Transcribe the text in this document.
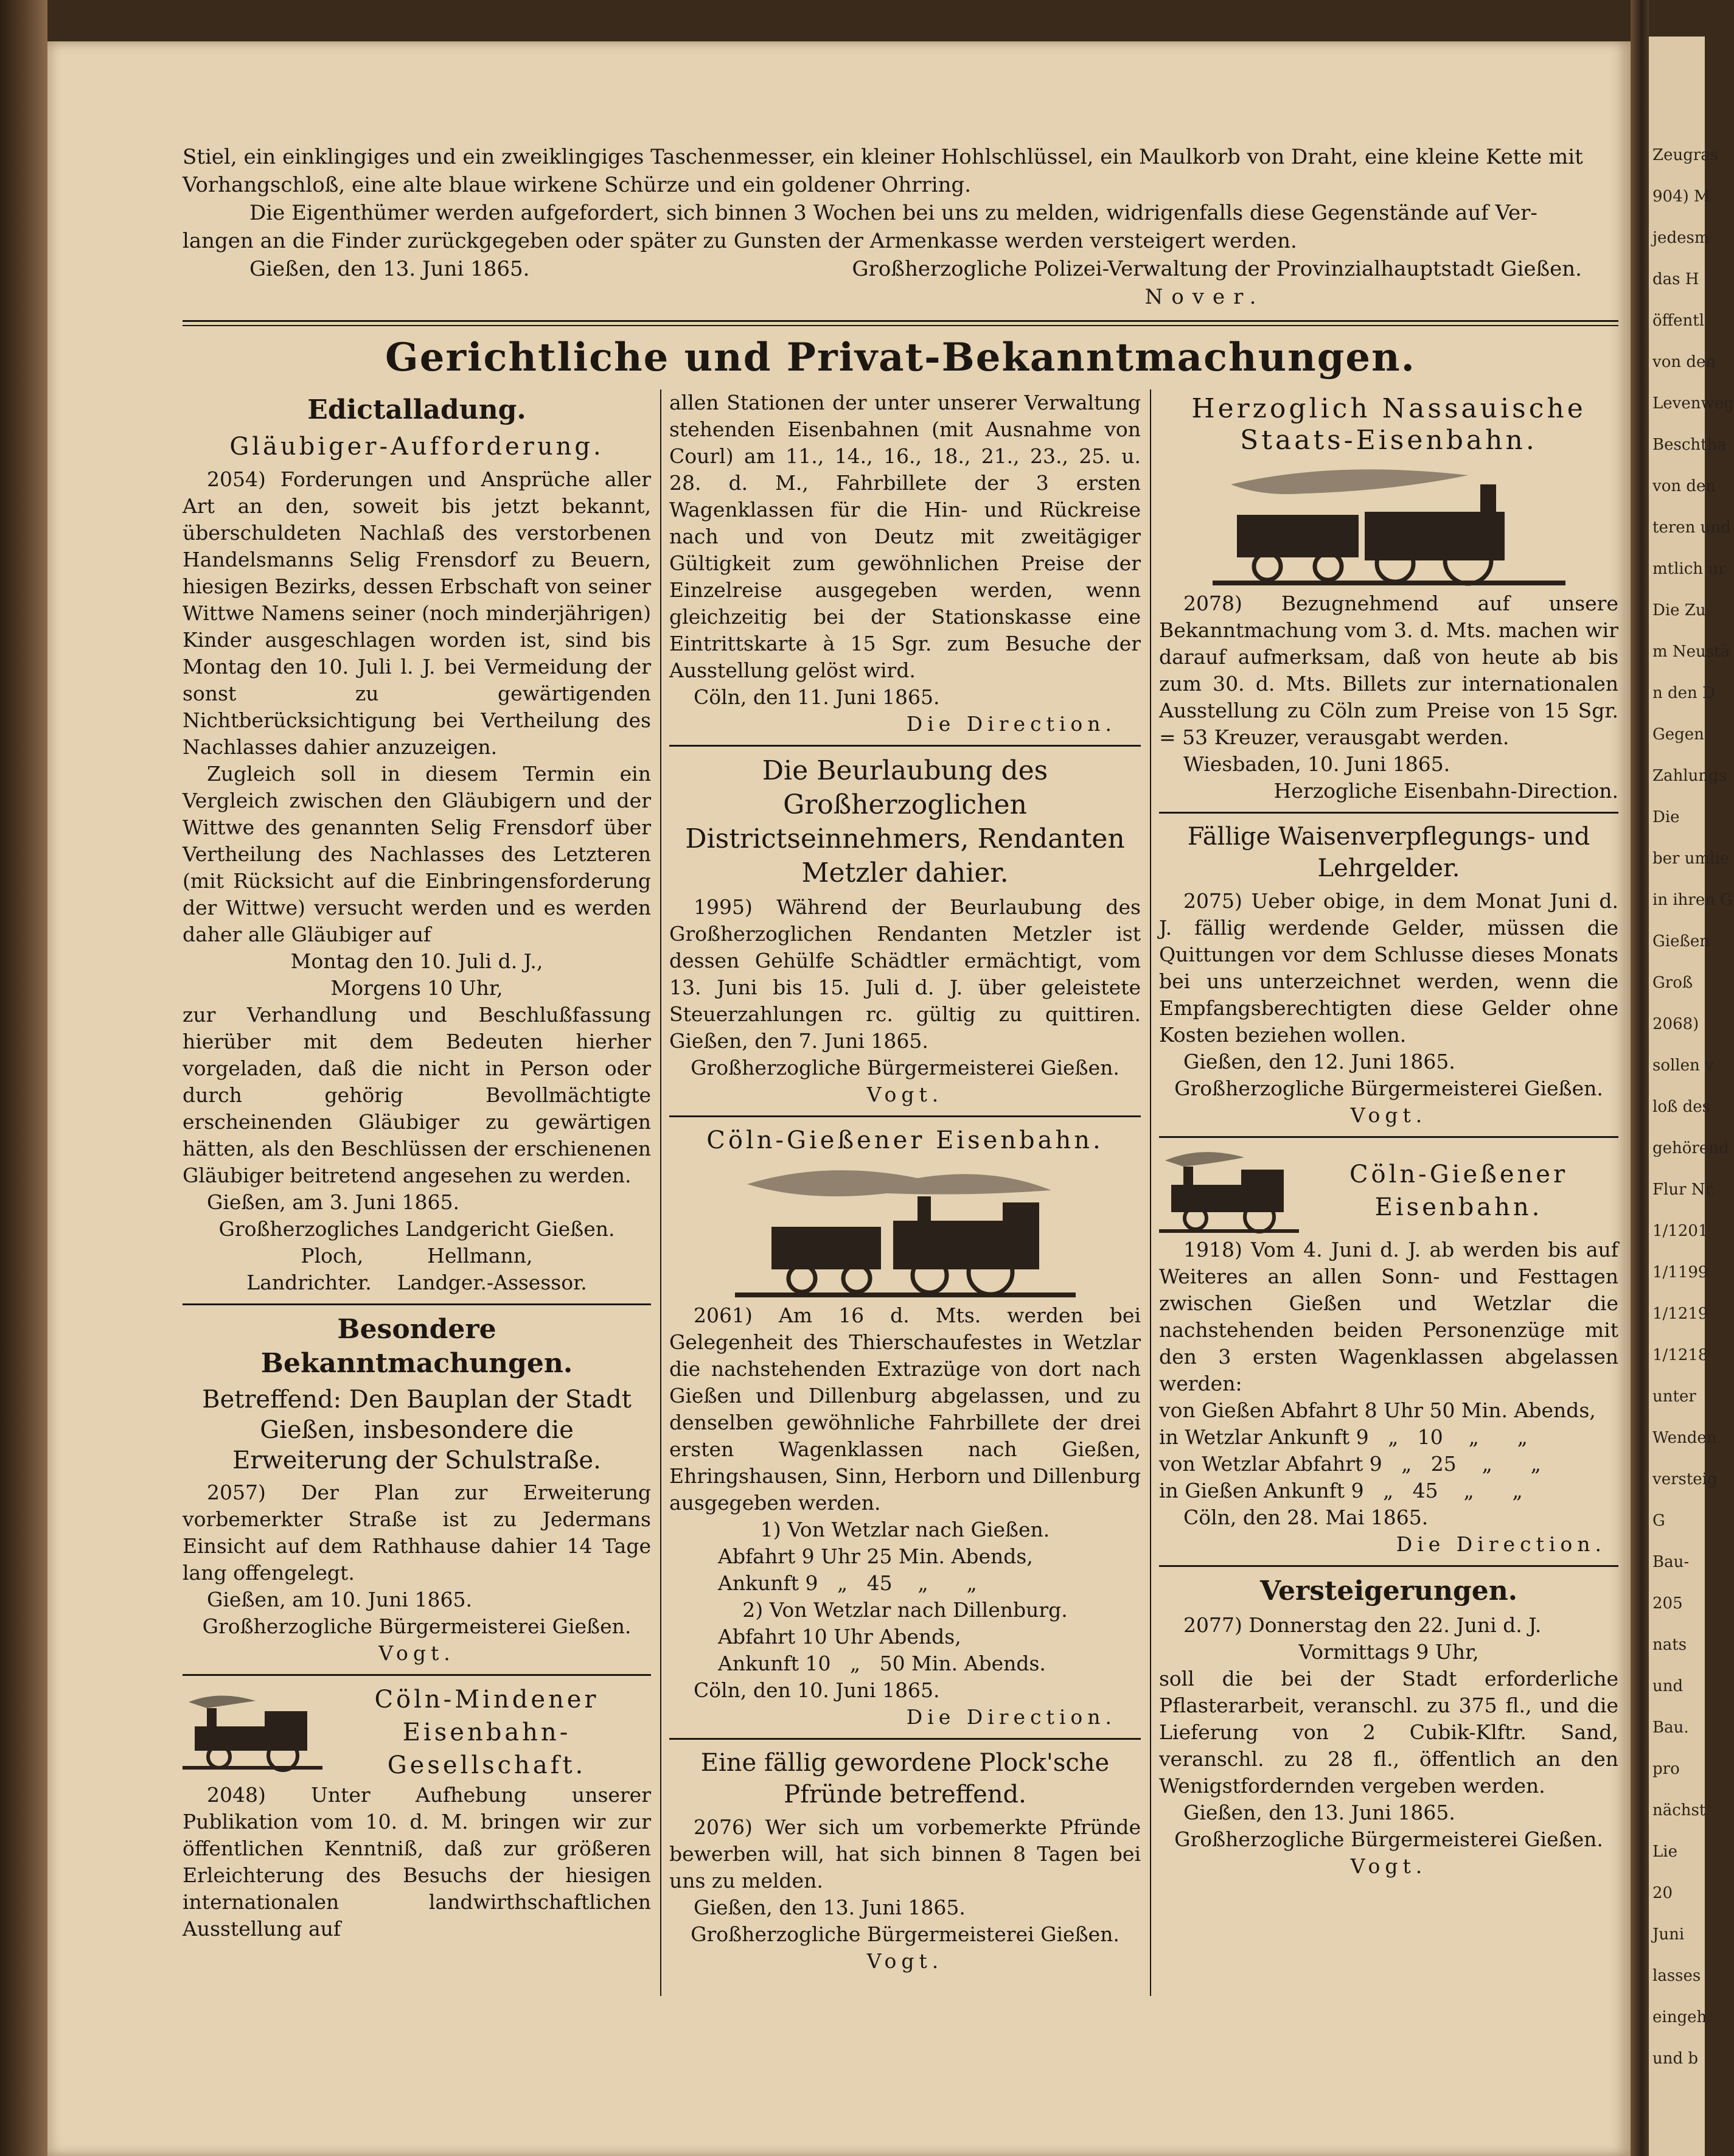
Zeugras
904) M
jedesm
das H
öffentl
von den
Levenweg
Beschtha
von den
teren und
mtlich ur
Die Zu
m Neustä
n den D
Gegen
Zahlungs
Die
ber umlie
in ihren G
Gießen
Groß
2068)
sollen v
loß des
gehörend
Flur Nr.
1/1201
1/1199
1/1219
1/1218
unter
Wenden
versteig
G
Bau-
205
nats
und
Bau.
pro
nächst
Lie
20
Juni
lasses
eingeh
und b

Stiel, ein einklingiges und ein zweiklingiges Taschenmesser, ein kleiner Hohlschlüssel, ein Maulkorb von Draht, eine kleine Kette mit

Vorhangschloß, eine alte blaue wirkene Schürze und ein goldener Ohrring.

Die Eigenthümer werden aufgefordert, sich binnen 3 Wochen bei uns zu melden, widrigenfalls diese Gegenstände auf Ver-

langen an die Finder zurückgegeben oder später zu Gunsten der Armenkasse werden versteigert werden.

Gießen, den 13. Juni 1865.	Großherzogliche Polizei-Verwaltung der Provinzialhauptstadt Gießen.

Nover.

Gerichtliche und Privat-Bekanntmachungen.
Edictalladung.
Gläubiger-Aufforderung.

2054) Forderungen und Ansprüche aller Art an den, soweit bis jetzt bekannt, überschuldeten Nachlaß des verstorbenen Handelsmanns Selig Frensdorf zu Beuern, hiesigen Bezirks, dessen Erbschaft von seiner Wittwe Namens seiner (noch minderjährigen) Kinder ausgeschlagen worden ist, sind bis Montag den 10. Juli l. J. bei Vermeidung der sonst zu gewärtigenden Nichtberücksichtigung bei Vertheilung des Nachlasses dahier anzuzeigen.

Zugleich soll in diesem Termin ein Vergleich zwischen den Gläubigern und der Wittwe des genannten Selig Frensdorf über Vertheilung des Nachlasses des Letzteren (mit Rücksicht auf die Einbringensforderung der Wittwe) versucht werden und es werden daher alle Gläubiger auf

Montag den 10. Juli d. J.,

Morgens 10 Uhr,

zur Verhandlung und Beschlußfassung hierüber mit dem Bedeuten hierher vorgeladen, daß die nicht in Person oder durch gehörig Bevollmächtigte erscheinenden Gläubiger zu gewärtigen hätten, als den Beschlüssen der erschienenen Gläubiger beitretend angesehen zu werden.

Gießen, am 3. Juni 1865.

Großherzogliches Landgericht Gießen.

Ploch,          Hellmann,

Landrichter.    Landger.-Assessor.

Besondere Bekanntmachungen.
Betreffend: Den Bauplan der Stadt Gießen, insbesondere die Erweiterung der Schulstraße.

2057) Der Plan zur Erweiterung vorbemerkter Straße ist zu Jedermans Einsicht auf dem Rathhause dahier 14 Tage lang offengelegt.

Gießen, am 10. Juni 1865.

Großherzogliche Bürgermeisterei Gießen.

Vogt.

Cöln-Mindener Eisenbahn-Gesellschaft.

2048) Unter Aufhebung unserer Publikation vom 10. d. M. bringen wir zur öffentlichen Kenntniß, daß zur größeren Erleichterung des Besuchs der hiesigen internationalen landwirthschaftlichen Ausstellung auf

allen Stationen der unter unserer Verwaltung stehenden Eisenbahnen (mit Ausnahme von Courl) am 11., 14., 16., 18., 21., 23., 25. u. 28. d. M., Fahrbillete der 3 ersten Wagenklassen für die Hin- und Rückreise nach und von Deutz mit zweitägiger Gültigkeit zum gewöhnlichen Preise der Einzelreise ausgegeben werden, wenn gleichzeitig bei der Stationskasse eine Eintrittskarte à 15 Sgr. zum Besuche der Ausstellung gelöst wird.

Cöln, den 11. Juni 1865.

Die Direction.

Die Beurlaubung des Großherzoglichen Districtseinnehmers, Rendanten Metzler dahier.

1995) Während der Beurlaubung des Großherzoglichen Rendanten Metzler ist dessen Gehülfe Schädtler ermächtigt, vom 13. Juni bis 15. Juli d. J. über geleistete Steuerzahlungen rc. gültig zu quittiren. Gießen, den 7. Juni 1865.

Großherzogliche Bürgermeisterei Gießen.

Vogt.

Cöln-Gießener Eisenbahn.

2061) Am 16 d. Mts. werden bei Gelegenheit des Thierschaufestes in Wetzlar die nachstehenden Extrazüge von dort nach Gießen und Dillenburg abgelassen, und zu denselben gewöhnliche Fahrbillete der drei ersten Wagenklassen nach Gießen, Ehringshausen, Sinn, Herborn und Dillenburg ausgegeben werden.

1) Von Wetzlar nach Gießen.

Abfahrt 9 Uhr 25 Min. Abends,

Ankunft 9   „   45    „      „

2) Von Wetzlar nach Dillenburg.

Abfahrt 10 Uhr Abends,

Ankunft 10   „   50 Min. Abends.

Cöln, den 10. Juni 1865.

Die Direction.

Eine fällig gewordene Plock'sche Pfründe betreffend.

2076) Wer sich um vorbemerkte Pfründe bewerben will, hat sich binnen 8 Tagen bei uns zu melden.

Gießen, den 13. Juni 1865.

Großherzogliche Bürgermeisterei Gießen.

Vogt.

Herzoglich Nassauische Staats-Eisenbahn.

2078) Bezugnehmend auf unsere Bekanntmachung vom 3. d. Mts. machen wir darauf aufmerksam, daß von heute ab bis zum 30. d. Mts. Billets zur internationalen Ausstellung zu Cöln zum Preise von 15 Sgr. = 53 Kreuzer, verausgabt werden.

Wiesbaden, 10. Juni 1865.

Herzogliche Eisenbahn-Direction.

Fällige Waisenverpflegungs- und Lehrgelder.

2075) Ueber obige, in dem Monat Juni d. J. fällig werdende Gelder, müssen die Quittungen vor dem Schlusse dieses Monats bei uns unterzeichnet werden, wenn die Empfangsberechtigten diese Gelder ohne Kosten beziehen wollen.

Gießen, den 12. Juni 1865.

Großherzogliche Bürgermeisterei Gießen.

Vogt.

Cöln-Gießener Eisenbahn.

1918) Vom 4. Juni d. J. ab werden bis auf Weiteres an allen Sonn- und Festtagen zwischen Gießen und Wetzlar die nachstehenden beiden Personenzüge mit den 3 ersten Wagenklassen abgelassen werden:

von Gießen Abfahrt 8 Uhr 50 Min. Abends,

in Wetzlar Ankunft 9   „   10    „      „

von Wetzlar Abfahrt 9   „   25    „      „

in Gießen Ankunft 9   „   45    „      „

Cöln, den 28. Mai 1865.

Die Direction.

Versteigerungen.

2077) Donnerstag den 22. Juni d. J.

Vormittags 9 Uhr,

soll die bei der Stadt erforderliche Pflasterarbeit, veranschl. zu 375 fl., und die Lieferung von 2 Cubik-Klftr. Sand, veranschl. zu 28 fl., öffentlich an den Wenigstfordernden vergeben werden.

Gießen, den 13. Juni 1865.

Großherzogliche Bürgermeisterei Gießen.

Vogt.
